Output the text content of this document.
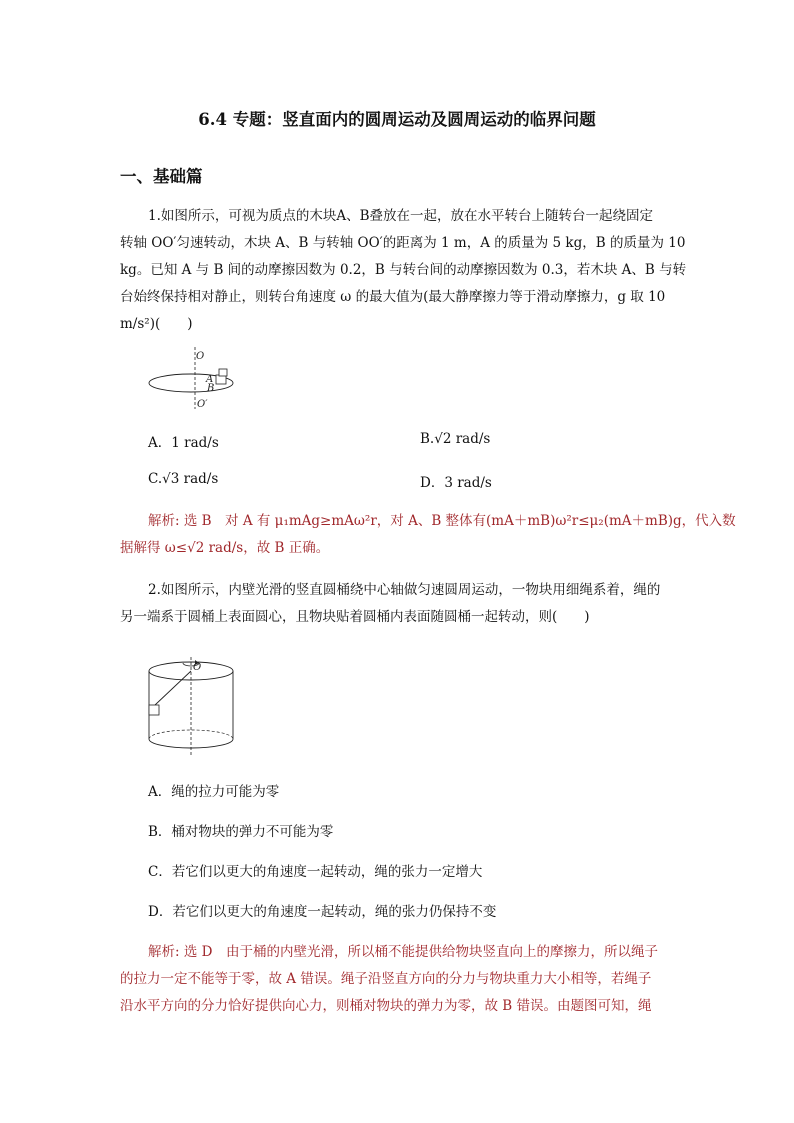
6.4 专题：竖直面内的圆周运动及圆周运动的临界问题
一、基础篇
1.如图所示，可视为质点的木块A、B叠放在一起，放在水平转台上随转台一起绕固定
转轴 OO′匀速转动，木块 A、B 与转轴 OO′的距离为 1 m，A 的质量为 5 kg，B 的质量为 10
kg。已知 A 与 B 间的动摩擦因数为 0.2，B 与转台间的动摩擦因数为 0.3，若木块 A、B 与转
台始终保持相对静止，则转台角速度 ω 的最大值为(最大静摩擦力等于滑动摩擦力，g 取 10
m/s²)(　　)
O
A
B
O′
A．1 rad/s	B.√2 rad/s
C.√3 rad/s	D．3 rad/s
解析: 选 B　对 A 有 μ₁mAg≥mAω²r，对 A、B 整体有(mA＋mB)ω²r≤μ₂(mA＋mB)g，代入数
据解得 ω≤√2 rad/s，故 B 正确。
2.如图所示，内壁光滑的竖直圆桶绕中心轴做匀速圆周运动，一物块用细绳系着，绳的
另一端系于圆桶上表面圆心，且物块贴着圆桶内表面随圆桶一起转动，则(　　)
O
A．绳的拉力可能为零
B．桶对物块的弹力不可能为零
C．若它们以更大的角速度一起转动，绳的张力一定增大
D．若它们以更大的角速度一起转动，绳的张力仍保持不变
解析: 选 D　由于桶的内壁光滑，所以桶不能提供给物块竖直向上的摩擦力，所以绳子
的拉力一定不能等于零，故 A 错误。绳子沿竖直方向的分力与物块重力大小相等，若绳子
沿水平方向的分力恰好提供向心力，则桶对物块的弹力为零，故 B 错误。由题图可知，绳
